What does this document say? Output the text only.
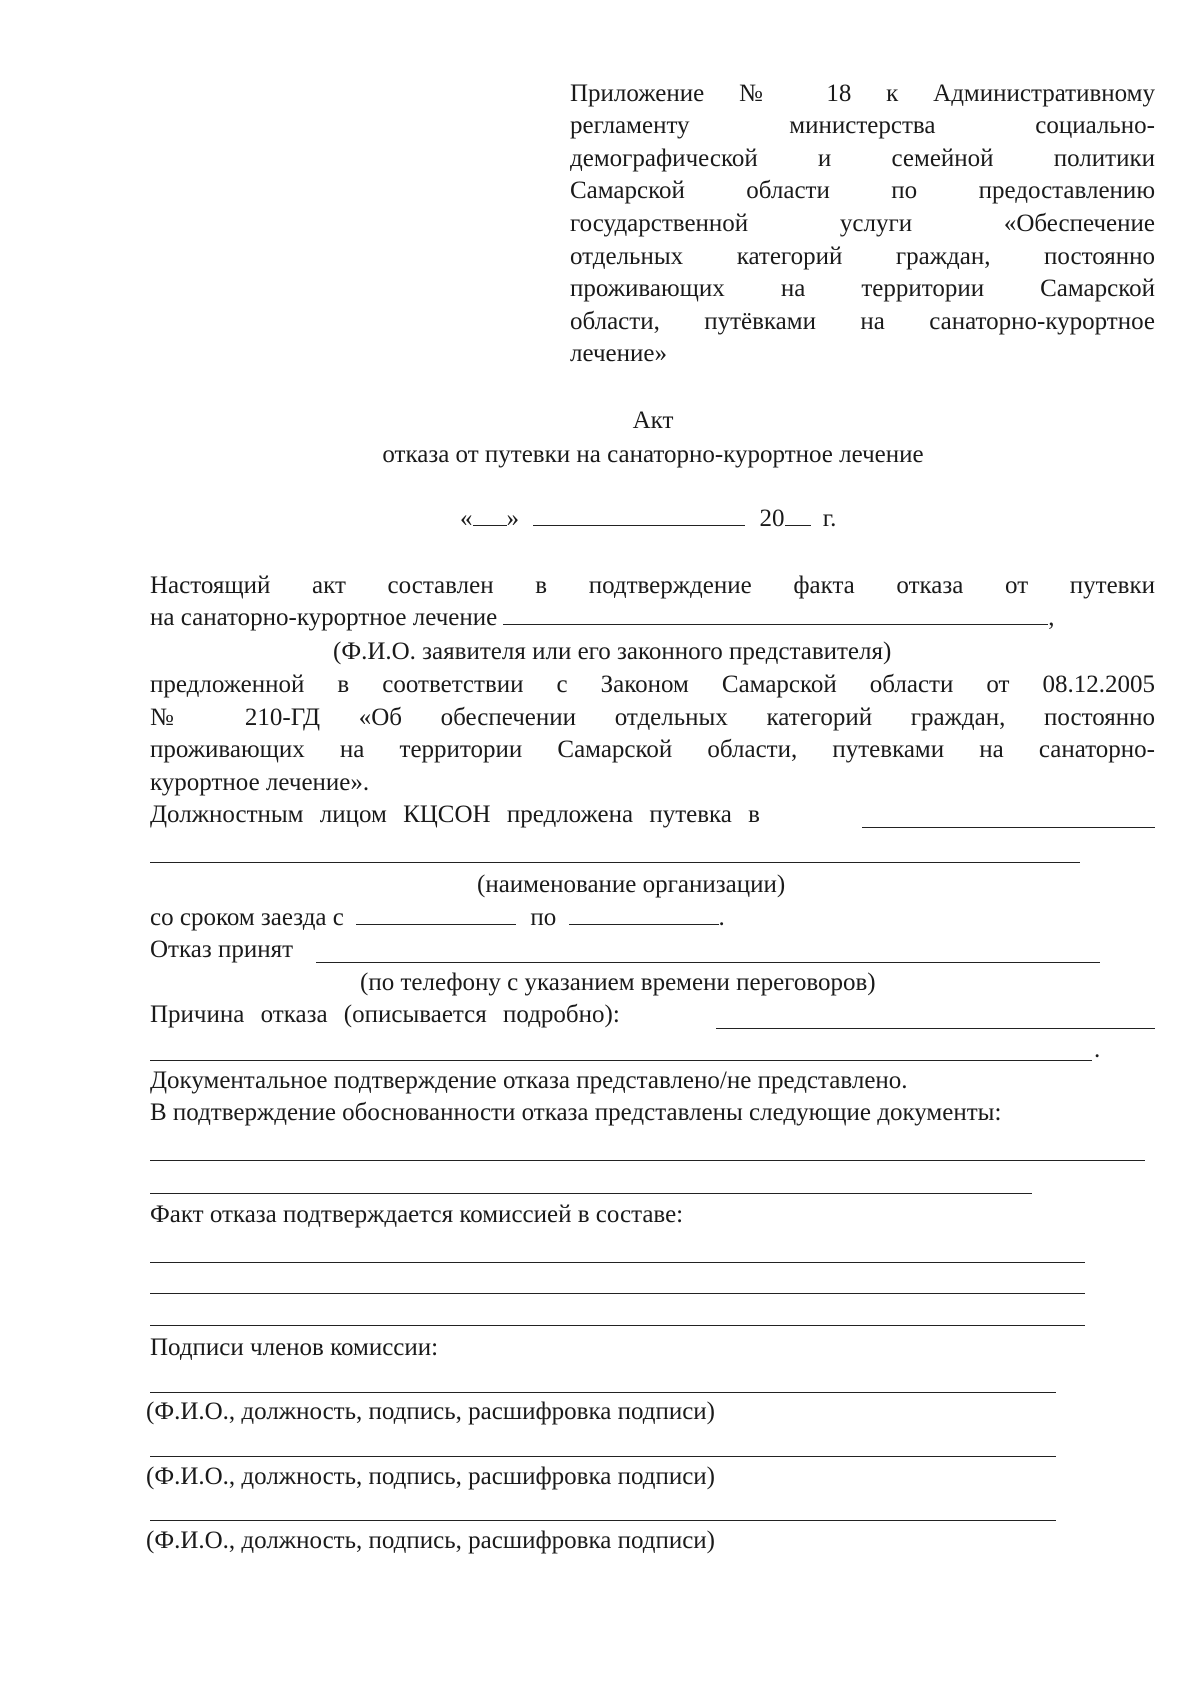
Приложение № 18 к Административному
регламенту министерства социально-
демографической и семейной политики
Самарской области по предоставлению
государственной услуги «Обеспечение
отдельных категорий граждан, постоянно
проживающих на территории Самарской
области, путёвками на санаторно-курортное
лечение»
Акт
отказа от путевки на санаторно-курортное лечение
« »	20 г.
Настоящий акт составлен в подтверждение факта отказа от путевки
на санаторно-курортное лечение	,
(Ф.И.О. заявителя или его законного представителя)
предложенной в соответствии с Законом Самарской области от 08.12.2005
№ 210-ГД «Об обеспечении отдельных категорий граждан, постоянно
проживающих на территории Самарской области, путевками на санаторно-
курортное лечение».
Должностным лицом КЦСОН предложена путевка в
(наименование организации)
со сроком заезда с	по	.
Отказ принят
(по телефону с указанием времени переговоров)
Причина отказа (описывается подробно):
.
Документальное подтверждение отказа представлено/не представлено.
В подтверждение обоснованности отказа представлены следующие документы:
Факт отказа подтверждается комиссией в составе:
Подписи членов комиссии:
(Ф.И.О., должность, подпись, расшифровка подписи)
(Ф.И.О., должность, подпись, расшифровка подписи)
(Ф.И.О., должность, подпись, расшифровка подписи)
